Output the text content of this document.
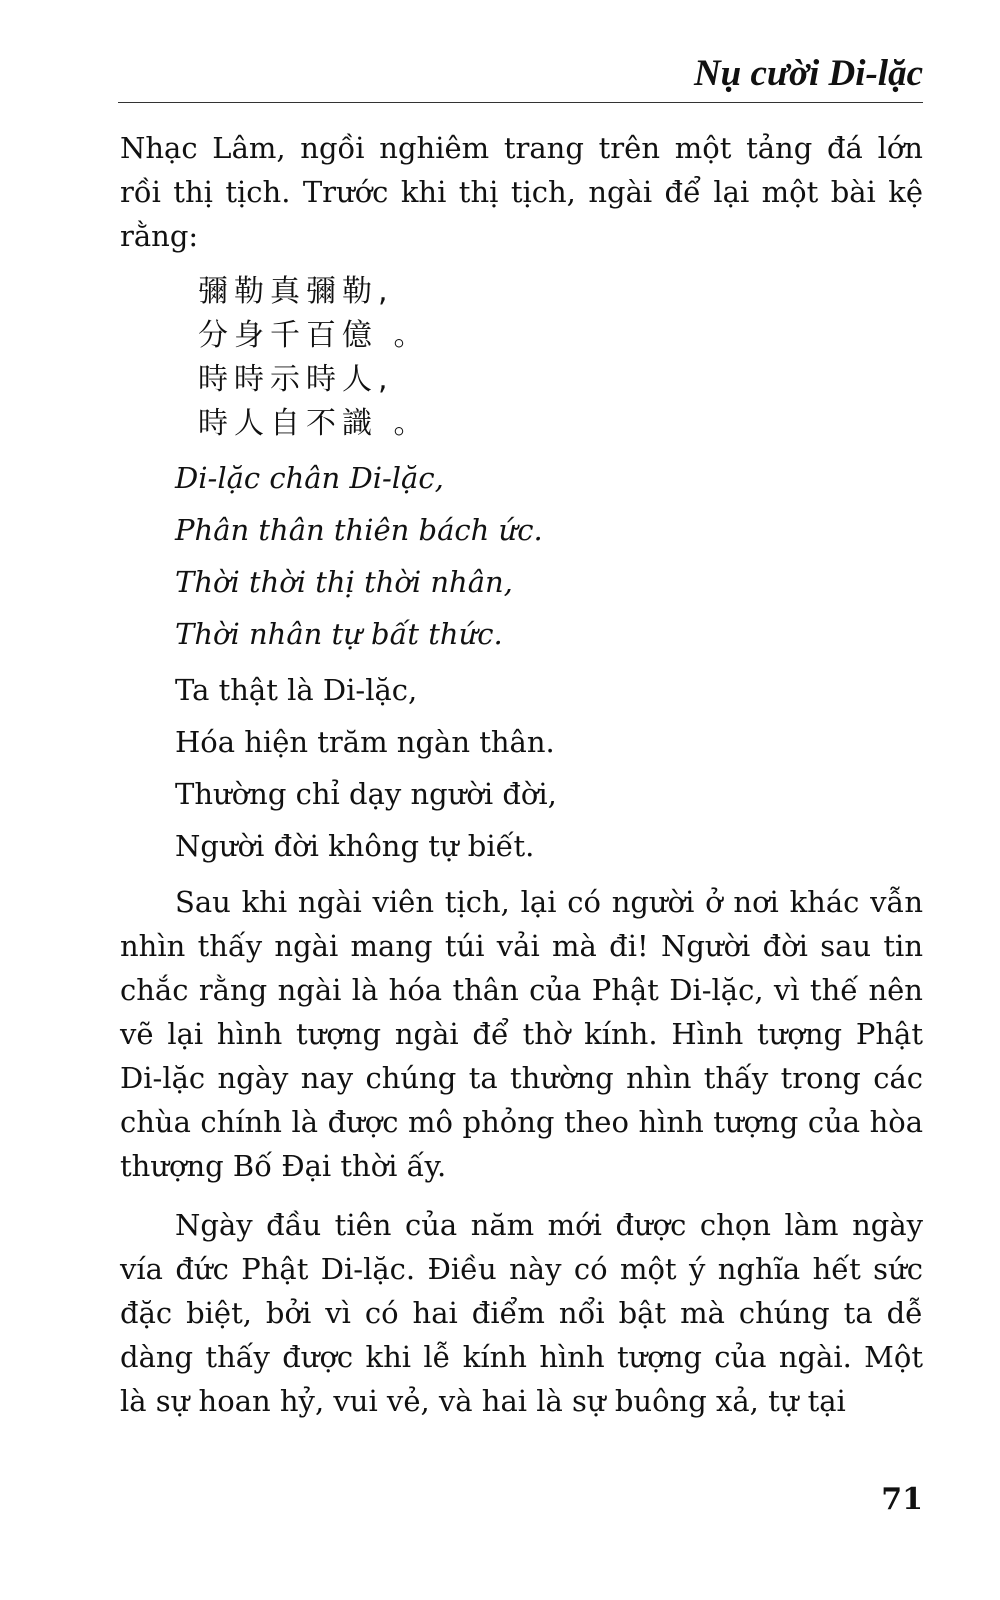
Nụ cười Di-lặc

Nhạc Lâm, ngồi nghiêm trang trên một tảng đá lớn rồi thị tịch. Trước khi thị tịch, ngài để lại một bài kệ rằng:

彌勒真彌勒,
分身千百億 。
時時示時人,
時人自不識 。
Di-lặc chân Di-lặc,
Phân thân thiên bách ức.
Thời thời thị thời nhân,
Thời nhân tự bất thức.
Ta thật là Di-lặc,
Hóa hiện trăm ngàn thân.
Thường chỉ dạy người đời,
Người đời không tự biết.

Sau khi ngài viên tịch, lại có người ở nơi khác vẫn nhìn thấy ngài mang túi vải mà đi! Người đời sau tin chắc rằng ngài là hóa thân của Phật Di-lặc, vì thế nên vẽ lại hình tượng ngài để thờ kính. Hình tượng Phật Di-lặc ngày nay chúng ta thường nhìn thấy trong các chùa chính là được mô phỏng theo hình tượng của hòa thượng Bố Đại thời ấy.

Ngày đầu tiên của năm mới được chọn làm ngày vía đức Phật Di-lặc. Điều này có một ý nghĩa hết sức đặc biệt, bởi vì có hai điểm nổi bật mà chúng ta dễ dàng thấy được khi lễ kính hình tượng của ngài. Một là sự hoan hỷ, vui vẻ, và hai là sự buông xả, tự tại

71
